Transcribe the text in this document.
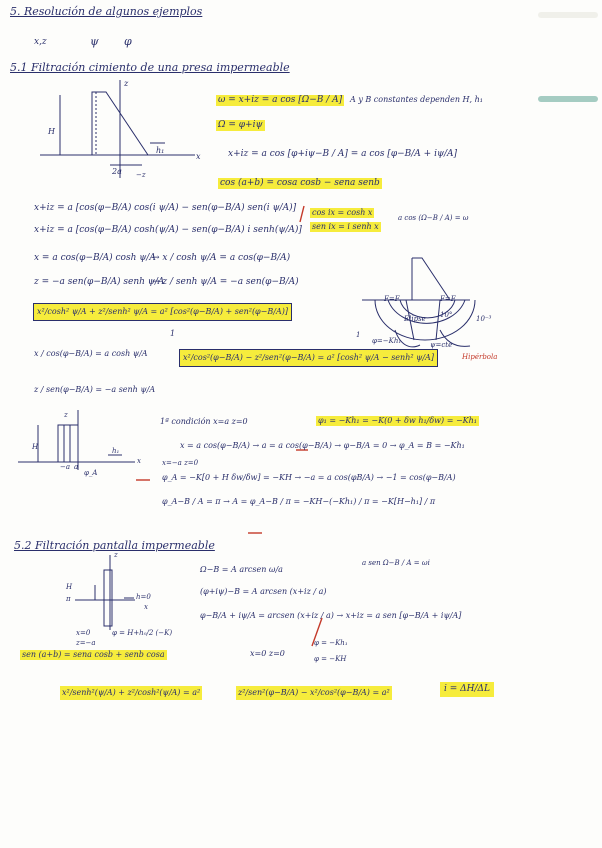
5. Resolución de algunos ejemplos
x,z	ψ φ
5.1 Filtración cimiento de una presa impermeable
H
z
h₁
2a −z
x
ω = x+iz = a cos [Ω−B / A] A y B constantes dependen H, h₁
Ω = φ+iψ
x+iz = a cos [φ+iψ−B / A] = a cos [φ−B/A + iψ/A]
cos (a+b) = cosa cosb − sena senb
x+iz = a [cos(φ−B/A) cos(i ψ/A) − sen(φ−B/A) sen(i ψ/A)]
x+iz = a [cos(φ−B/A) cosh(ψ/A) − sen(φ−B/A) i senh(ψ/A)]
cos ix = cosh x
sen ix = i senh x
a cos (Ω−B / A) = ω
x = a cos(φ−B/A) cosh ψ/A
→ x / cosh ψ/A = a cos(φ−B/A)
z = −a sen(φ−B/A) senh ψ/A
→ z / senh ψ/A = −a sen(φ−B/A)
x²/cosh² ψ/A + z²/senh² ψ/A = a² [cos²(φ−B/A) + sen²(φ−B/A)]
1
F=F	F=F
Elipse 10°	10⁻³
1
φ=−Kh₁	ψ=cte
Hipérbola
x / cos(φ−B/A) = a cosh ψ/A	x²/cos²(φ−B/A) − z²/sen²(φ−B/A) = a² [cosh² ψ/A − senh² ψ/A]
z / sen(φ−B/A) = −a senh ψ/A
1ª condición x=a z=0	φ₁ = −Kh₁ = −K(0 + δw h₁/δw) = −Kh₁
H
z
−a a
φ_A
h₁
x
x = a cos(φ−B/A) → a = a cos(φ−B/A) → φ−B/A = 0 → φ_A = B = −Kh₁
x=−a z=0
φ_A = −K[0 + H δw/δw] = −KH → −a = a cos(φB/A) → −1 = cos(φ−B/A)
φ_A−B / A = π → A = φ_A−B / π = −KH−(−Kh₁) / π = −K[H−h₁] / π
5.2 Filtración pantalla impermeable
z
H
π	h=0
x
x=0
z=−a
φ = H+h₀/2 (−K)
Ω−B = A arcsen ω/a
a sen Ω−B / A = ωi
(φ+iψ)−B = A arcsen (x+iz / a)
φ−B/A + iψ/A = arcsen (x+iz / a) → x+iz = a sen [φ−B/A + iψ/A]
sen (a+b) = sena cosb + senb cosa	x=0 z=0
φ = −Kh₁
φ = −KH
x²/senh²(ψ/A) + z²/cosh²(ψ/A) = a²	z²/sen²(φ−B/A) − x²/cos²(φ−B/A) = a²	i = ΔH/ΔL
